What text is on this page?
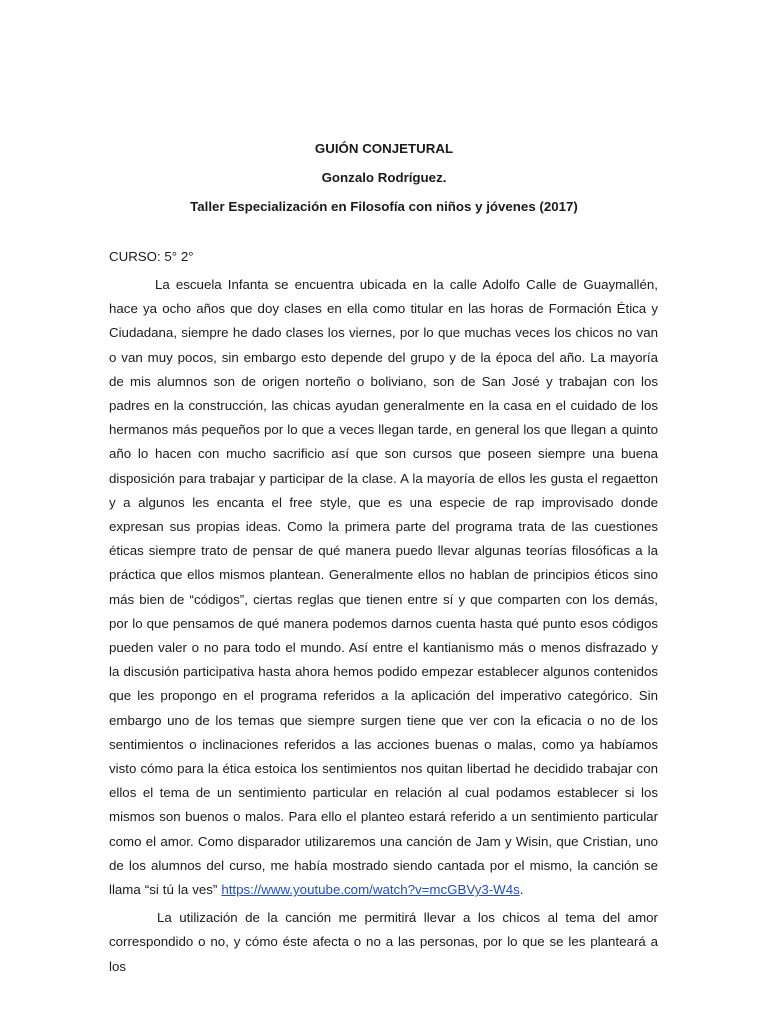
GUIÓN CONJETURAL
Gonzalo Rodríguez.
Taller Especialización en Filosofía con niños y jóvenes (2017)
CURSO: 5° 2°

La escuela Infanta se encuentra ubicada en la calle Adolfo Calle de Guaymallén, hace ya ocho años que doy clases en ella como titular en las horas de Formación Ética y Ciudadana, siempre he dado clases los viernes, por lo que muchas veces los chicos no van o van muy pocos, sin embargo esto depende del grupo y de la época del año. La mayoría de mis alumnos son de origen norteño o boliviano, son de San José y trabajan con los padres en la construcción, las chicas ayudan generalmente en la casa en el cuidado de los hermanos más pequeños por lo que a veces llegan tarde, en general los que llegan a quinto año lo hacen con mucho sacrificio así que son cursos que poseen siempre una buena disposición para trabajar y participar de la clase. A la mayoría de ellos les gusta el regaetton y a algunos les encanta el free style, que es una especie de rap improvisado donde expresan sus propias ideas. Como la primera parte del programa trata de las cuestiones éticas siempre trato de pensar de qué manera puedo llevar algunas teorías filosóficas a la práctica que ellos mismos plantean. Generalmente ellos no hablan de principios éticos sino más bien de “códigos”, ciertas reglas que tienen entre sí y que comparten con los demás, por lo que pensamos de qué manera podemos darnos cuenta hasta qué punto esos códigos pueden valer o no para todo el mundo. Así entre el kantianismo más o menos disfrazado y la discusión participativa hasta ahora hemos podido empezar establecer algunos contenidos que les propongo en el programa referidos a la aplicación del imperativo categórico. Sin embargo uno de los temas que siempre surgen tiene que ver con la eficacia o no de los sentimientos o inclinaciones referidos a las acciones buenas o malas, como ya habíamos visto cómo para la ética estoica los sentimientos nos quitan libertad he decidido trabajar con ellos el tema de un sentimiento particular en relación al cual podamos establecer si los mismos son buenos o malos. Para ello el planteo estará referido a un sentimiento particular como el amor. Como disparador utilizaremos una canción de Jam y Wisin, que Cristian, uno de los alumnos del curso, me había mostrado siendo cantada por el mismo, la canción se llama “si tú la ves” https://www.youtube.com/watch?v=mcGBVy3-W4s.

La utilización de la canción me permitirá llevar a los chicos al tema del amor correspondido o no, y cómo éste afecta o no a las personas, por lo que se les planteará a los
